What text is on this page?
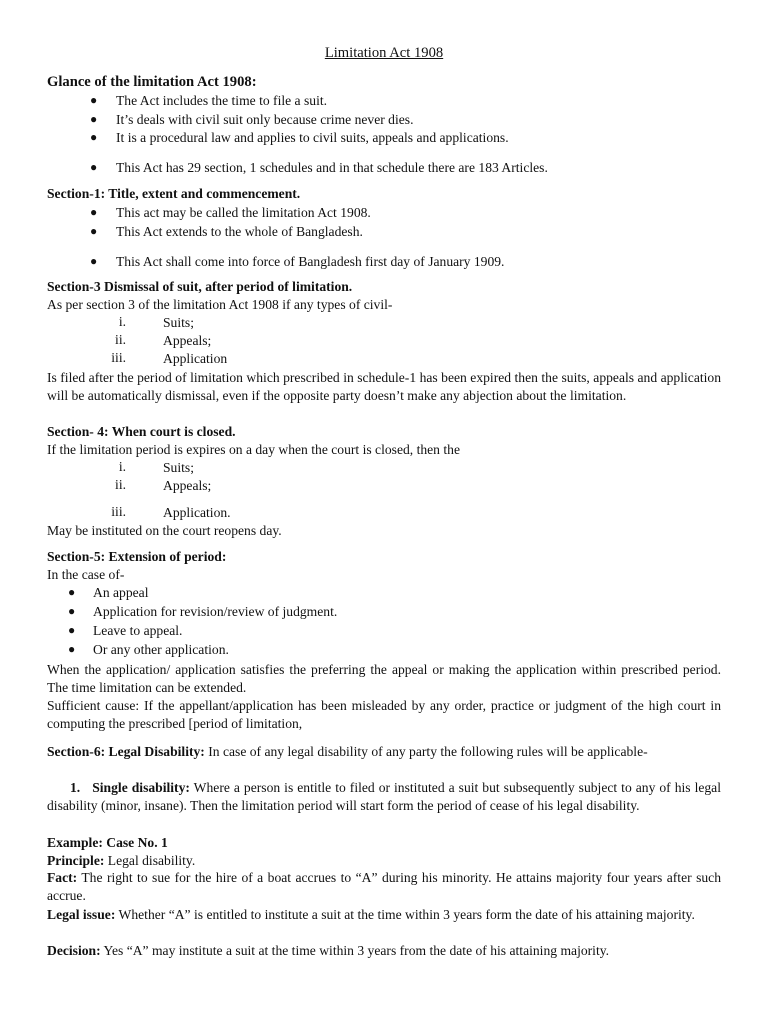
Limitation Act 1908
Glance of the limitation Act 1908:
● The Act includes the time to file a suit.
● It’s deals with civil suit only because crime never dies.
● It is a procedural law and applies to civil suits, appeals and applications.
● This Act has 29 section, 1 schedules and in that schedule there are 183 Articles.
Section-1: Title, extent and commencement.
● This act may be called the limitation Act 1908.
● This Act extends to the whole of Bangladesh.
● This Act shall come into force of Bangladesh first day of January 1909.
Section-3 Dismissal of suit, after period of limitation.
As per section 3 of the limitation Act 1908 if any types of civil-
i.	Suits;
ii.	Appeals;
iii.	Application
Is filed after the period of limitation which prescribed in schedule-1 has been expired then the suits, appeals and application will be automatically dismissal, even if the opposite party doesn’t make any abjection about the limitation.
Section- 4: When court is closed.
If the limitation period is expires on a day when the court is closed, then the
i.	Suits;
ii.	Appeals;
iii.	Application.
May be instituted on the court reopens day.
Section-5: Extension of period:
In the case of-
● An appeal
● Application for revision/review of judgment.
● Leave to appeal.
● Or any other application.
When the application/ application satisfies the preferring the appeal or making the application within prescribed period. The time limitation can be extended.
Sufficient cause: If the appellant/application has been misleaded by any order, practice or judgment of the high court in computing the prescribed [period of limitation,
Section-6: Legal Disability: In case of any legal disability of any party the following rules will be applicable-
1. Single disability: Where a person is entitle to filed or instituted a suit but subsequently subject to any of his legal disability (minor, insane). Then the limitation period will start form the period of cease of his legal disability.
Example: Case No. 1
Principle: Legal disability.
Fact: The right to sue for the hire of a boat accrues to “A” during his minority. He attains majority four years after such accrue.
Legal issue: Whether “A” is entitled to institute a suit at the time within 3 years form the date of his attaining majority.
Decision: Yes “A” may institute a suit at the time within 3 years from the date of his attaining majority.
